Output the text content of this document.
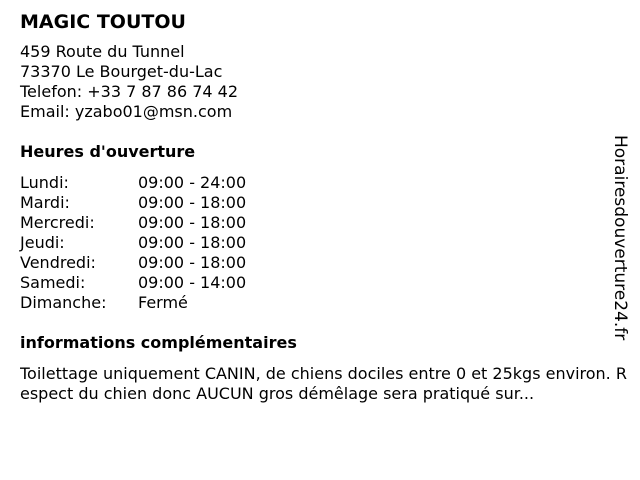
MAGIC TOUTOU
459 Route du Tunnel
73370 Le Bourget-du-Lac
Telefon: +33 7 87 86 74 42
Email: yzabo01@msn.com
Heures d'ouverture
Lundi:	09:00 - 24:00
Mardi:	09:00 - 18:00
Mercredi:	09:00 - 18:00
Jeudi:	09:00 - 18:00
Vendredi:	09:00 - 18:00
Samedi:	09:00 - 14:00
Dimanche:	Fermé
informations complémentaires
Toilettage uniquement CANIN, de chiens dociles entre 0 et 25kgs environ. Respect du chien donc AUCUN gros démêlage sera pratiqué sur...
Horairesdouverture24.fr
